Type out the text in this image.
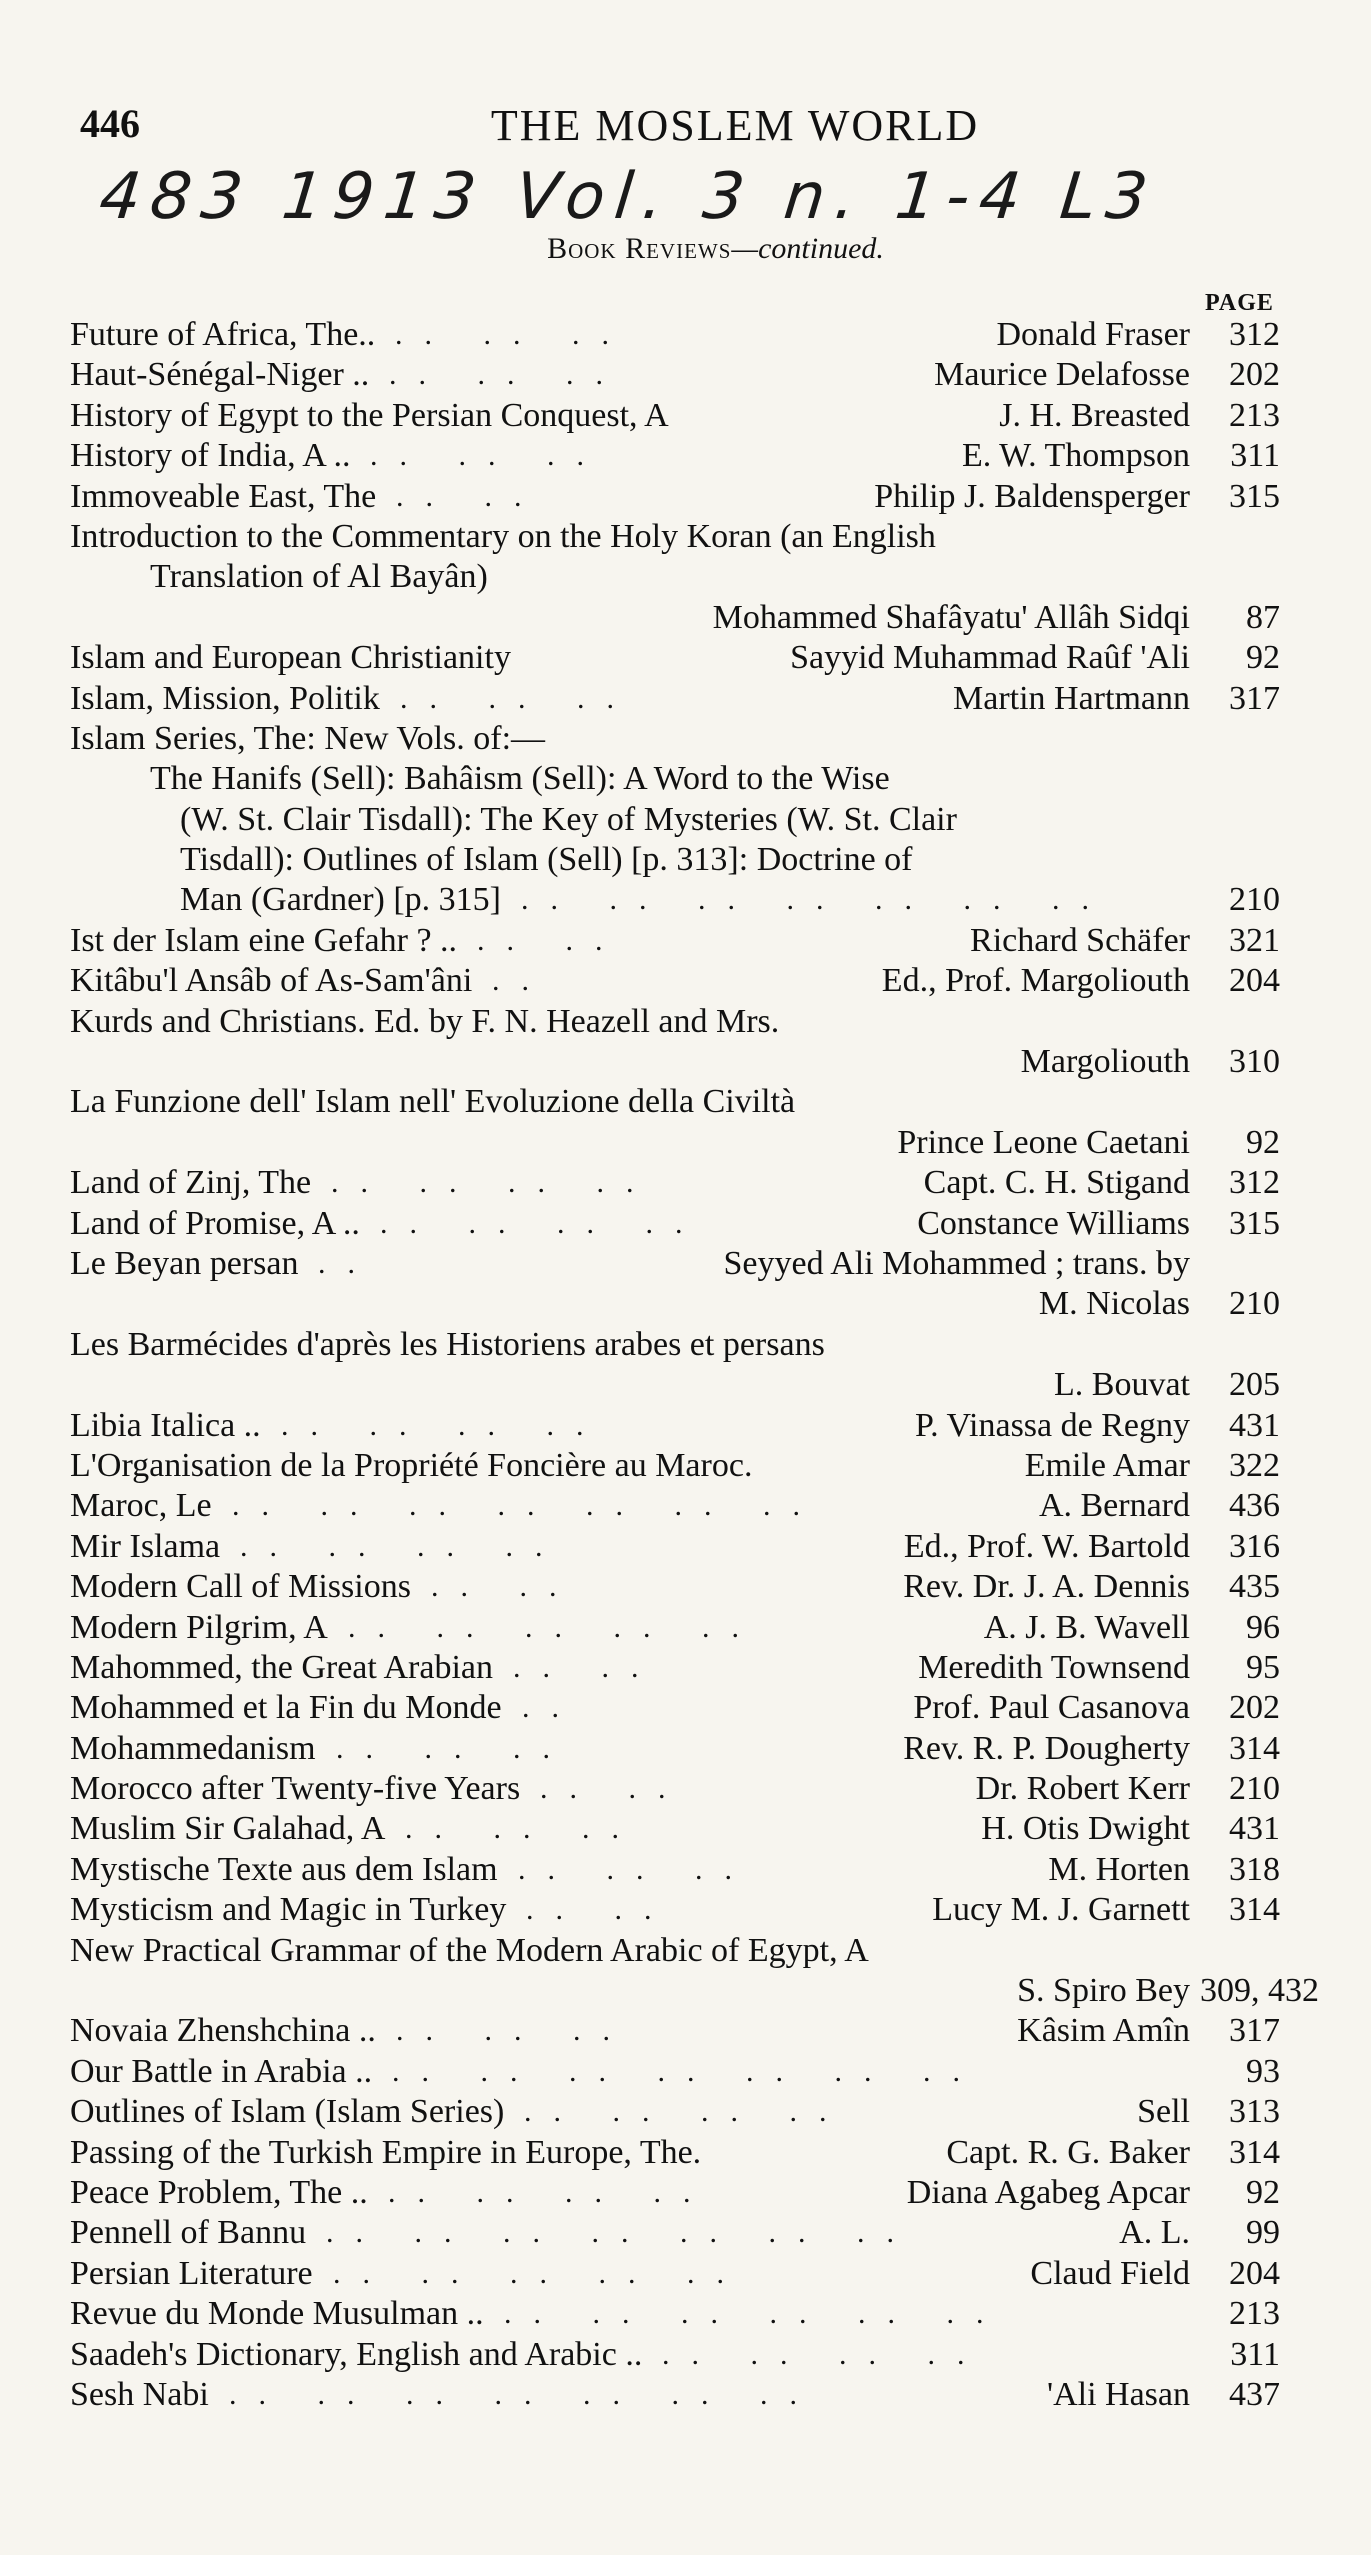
446	THE MOSLEM WORLD
483 1913 Vol. 3 n. 1-4 L3
Book Reviews—continued.
PAGE
Future of Africa, The.. .. .. ..	Donald Fraser	312
Haut-Sénégal-Niger .. .. .. ..	Maurice Delafosse	202
History of Egypt to the Persian Conquest, A	J. H. Breasted	213
History of India, A .. .. .. ..	E. W. Thompson	311
Immoveable East, The .. ..	Philip J. Baldensperger	315
Introduction to the Commentary on the Holy Koran (an English
Translation of Al Bayân)
Mohammed Shafâyatu' Allâh Sidqi	87
Islam and European Christianity	Sayyid Muhammad Raûf 'Ali	92
Islam, Mission, Politik .. .. ..	Martin Hartmann	317
Islam Series, The: New Vols. of:—
The Hanifs (Sell): Bahâism (Sell): A Word to the Wise
(W. St. Clair Tisdall): The Key of Mysteries (W. St. Clair
Tisdall): Outlines of Islam (Sell) [p. 313]: Doctrine of
Man (Gardner) [p. 315] .. .. .. .. .. .. ..	210
Ist der Islam eine Gefahr ? .. .. ..	Richard Schäfer	321
Kitâbu'l Ansâb of As-Sam'âni ..	Ed., Prof. Margoliouth	204
Kurds and Christians. Ed. by F. N. Heazell and Mrs.
Margoliouth	310
La Funzione dell' Islam nell' Evoluzione della Civiltà
Prince Leone Caetani	92
Land of Zinj, The .. .. .. ..	Capt. C. H. Stigand	312
Land of Promise, A .. .. .. .. ..	Constance Williams	315
Le Beyan persan ..	Seyyed Ali Mohammed ; trans. by
M. Nicolas	210
Les Barmécides d'après les Historiens arabes et persans
L. Bouvat	205
Libia Italica .. .. .. .. ..	P. Vinassa de Regny	431
L'Organisation de la Propriété Foncière au Maroc.	Emile Amar	322
Maroc, Le .. .. .. .. .. .. ..	A. Bernard	436
Mir Islama .. .. .. ..	Ed., Prof. W. Bartold	316
Modern Call of Missions .. ..	Rev. Dr. J. A. Dennis	435
Modern Pilgrim, A .. .. .. .. ..	A. J. B. Wavell	96
Mahommed, the Great Arabian .. ..	Meredith Townsend	95
Mohammed et la Fin du Monde ..	Prof. Paul Casanova	202
Mohammedanism .. .. ..	Rev. R. P. Dougherty	314
Morocco after Twenty-five Years .. ..	Dr. Robert Kerr	210
Muslim Sir Galahad, A .. .. ..	H. Otis Dwight	431
Mystische Texte aus dem Islam .. .. ..	M. Horten	318
Mysticism and Magic in Turkey .. ..	Lucy M. J. Garnett	314
New Practical Grammar of the Modern Arabic of Egypt, A
S. Spiro Bey 309, 432
Novaia Zhenshchina .. .. .. ..	Kâsim Amîn	317
Our Battle in Arabia .. .. .. .. .. .. .. ..	93
Outlines of Islam (Islam Series) .. .. .. ..	Sell	313
Passing of the Turkish Empire in Europe, The.	Capt. R. G. Baker	314
Peace Problem, The .. .. .. .. ..	Diana Agabeg Apcar	92
Pennell of Bannu .. .. .. .. .. .. ..	A. L.	99
Persian Literature .. .. .. .. ..	Claud Field	204
Revue du Monde Musulman .. .. .. .. .. .. ..	213
Saadeh's Dictionary, English and Arabic .. .. .. .. ..	311
Sesh Nabi .. .. .. .. .. .. ..	'Ali Hasan	437
